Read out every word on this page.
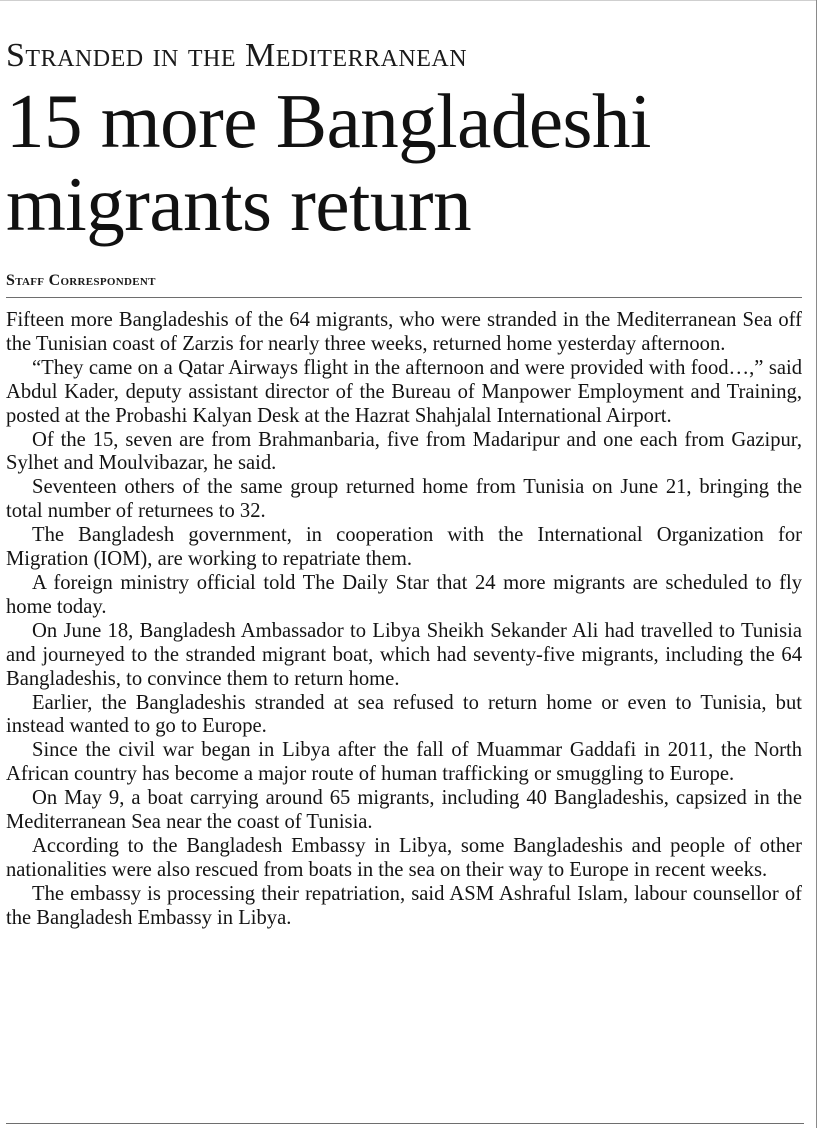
Stranded in the Mediterranean
15 more Bangladeshi migrants return
Staff Correspondent

Fifteen more Bangladeshis of the 64 migrants, who were stranded in the Mediterranean Sea off the Tunisian coast of Zarzis for nearly three weeks, returned home yesterday afternoon.

“They came on a Qatar Airways flight in the afternoon and were provided with food…,” said Abdul Kader, deputy assistant director of the Bureau of Manpower Employment and Training, posted at the Probashi Kalyan Desk at the Hazrat Shahjalal International Airport.

Of the 15, seven are from Brahmanbaria, five from Madaripur and one each from Gazipur, Sylhet and Moulvibazar, he said.

Seventeen others of the same group returned home from Tunisia on June 21, bringing the total number of returnees to 32.

The Bangladesh government, in cooperation with the International Organization for Migration (IOM), are working to repatriate them.

A foreign ministry official told The Daily Star that 24 more migrants are scheduled to fly home today.

On June 18, Bangladesh Ambassador to Libya Sheikh Sekander Ali had travelled to Tunisia and journeyed to the stranded migrant boat, which had seventy-five migrants, including the 64 Bangladeshis, to convince them to return home.

Earlier, the Bangladeshis stranded at sea refused to return home or even to Tunisia, but instead wanted to go to Europe.

Since the civil war began in Libya after the fall of Muammar Gaddafi in 2011, the North African country has become a major route of human trafficking or smuggling to Europe.

On May 9, a boat carrying around 65 migrants, including 40 Bangladeshis, capsized in the Mediterranean Sea near the coast of Tunisia.

According to the Bangladesh Embassy in Libya, some Bangladeshis and people of other nationalities were also rescued from boats in the sea on their way to Europe in recent weeks.

The embassy is processing their repatriation, said ASM Ashraful Islam, labour counsellor of the Bangladesh Embassy in Libya.
